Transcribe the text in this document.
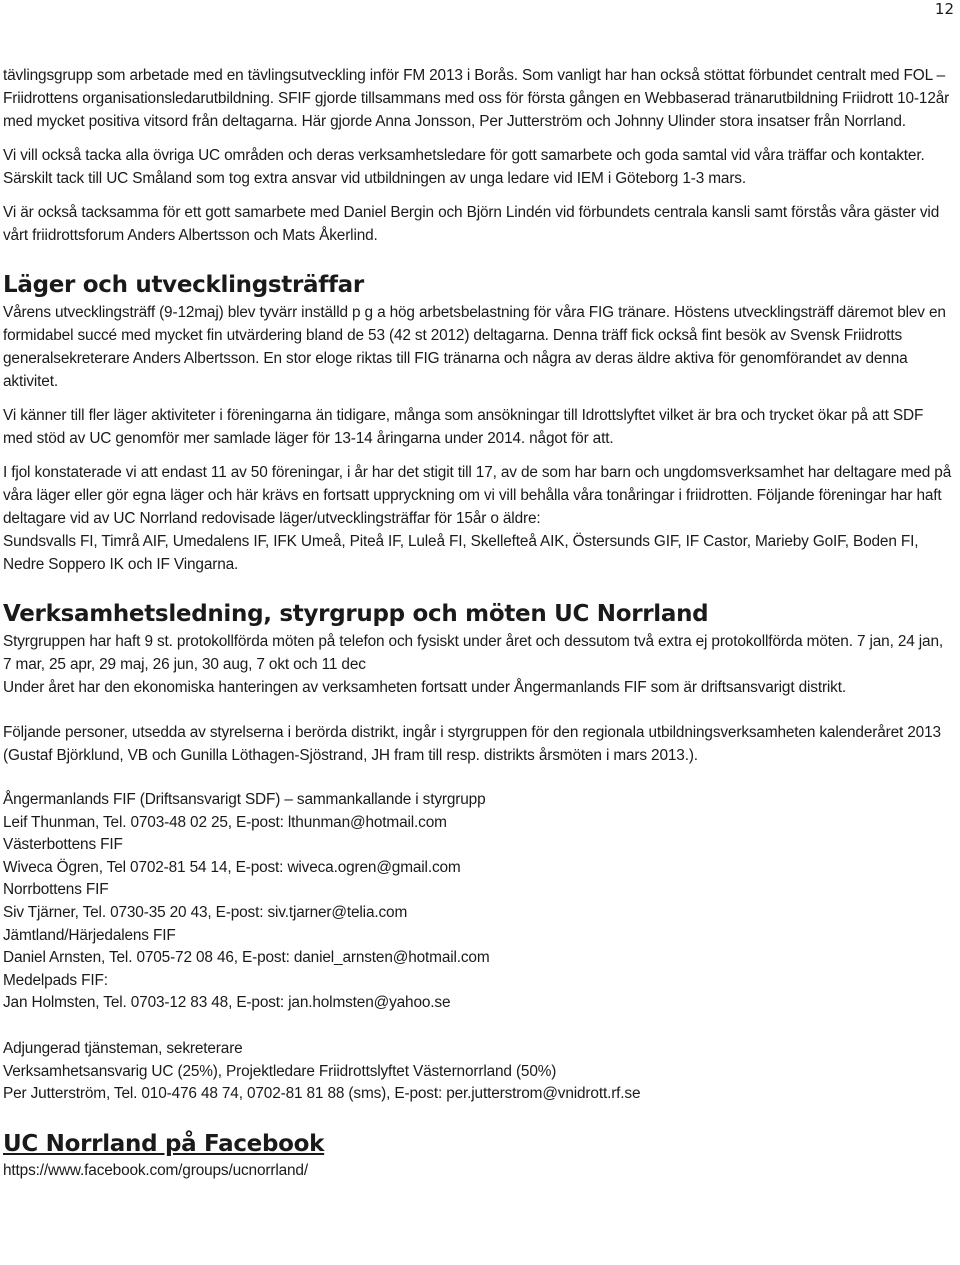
12

tävlingsgrupp som arbetade med en tävlingsutveckling inför FM 2013 i Borås. Som vanligt har han också stöttat förbundet centralt med FOL – Friidrottens organisationsledarutbildning. SFIF gjorde tillsammans med oss för första gången en Webbaserad tränarutbildning Friidrott 10-12år med mycket positiva vitsord från deltagarna. Här gjorde Anna Jonsson, Per Jutterström och Johnny Ulinder stora insatser från Norrland.

Vi vill också tacka alla övriga UC områden och deras verksamhetsledare för gott samarbete och goda samtal vid våra träffar och kontakter. Särskilt tack till UC Småland som tog extra ansvar vid utbildningen av unga ledare vid IEM i Göteborg 1-3 mars.

Vi är också tacksamma för ett gott samarbete med Daniel Bergin och Björn Lindén vid förbundets centrala kansli samt förstås våra gäster vid vårt friidrottsforum Anders Albertsson och Mats Åkerlind.

Läger och utvecklingsträffar

Vårens utvecklingsträff (9-12maj) blev tyvärr inställd p g a hög arbetsbelastning för våra FIG tränare. Höstens utvecklingsträff däremot blev en formidabel succé med mycket fin utvärdering bland de 53 (42 st 2012) deltagarna. Denna träff fick också fint besök av Svensk Friidrotts generalsekreterare Anders Albertsson. En stor eloge riktas till FIG tränarna och några av deras äldre aktiva för genomförandet av denna aktivitet.

Vi känner till fler läger aktiviteter i föreningarna än tidigare, många som ansökningar till Idrottslyftet vilket är bra och trycket ökar på att SDF med stöd av UC genomför mer samlade läger för 13-14 åringarna under 2014. något för att.

I fjol konstaterade vi att endast 11 av 50 föreningar, i år har det stigit till 17, av de som har barn och ungdomsverksamhet har deltagare med på våra läger eller gör egna läger och här krävs en fortsatt uppryckning om vi vill behålla våra tonåringar i friidrotten. Följande föreningar har haft deltagare vid av UC Norrland redovisade läger/utvecklingsträffar för 15år o äldre:

Sundsvalls FI, Timrå AIF, Umedalens IF, IFK Umeå, Piteå IF, Luleå FI, Skellefteå AIK, Östersunds GIF, IF Castor, Marieby GoIF, Boden FI, Nedre Soppero IK och IF Vingarna.

Verksamhetsledning, styrgrupp och möten UC Norrland

Styrgruppen har haft 9 st. protokollförda möten på telefon och fysiskt under året och dessutom två extra ej protokollförda möten. 7 jan, 24 jan, 7 mar, 25 apr, 29 maj, 26 jun, 30 aug, 7 okt och 11 dec

Under året har den ekonomiska hanteringen av verksamheten fortsatt under Ångermanlands FIF som är driftsansvarigt distrikt.

Följande personer, utsedda av styrelserna i berörda distrikt, ingår i styrgruppen för den regionala utbildningsverksamheten kalenderåret 2013 (Gustaf Björklund, VB och Gunilla Löthagen-Sjöstrand, JH fram till resp. distrikts årsmöten i mars 2013.).

Ångermanlands FIF (Driftsansvarigt SDF) – sammankallande i styrgrupp
Leif Thunman, Tel. 0703-48 02 25, E-post: lthunman@hotmail.com
Västerbottens FIF
Wiveca Ögren, Tel 0702-81 54 14, E-post: wiveca.ogren@gmail.com
Norrbottens FIF
Siv Tjärner, Tel. 0730-35 20 43, E-post: siv.tjarner@telia.com
Jämtland/Härjedalens FIF
Daniel Arnsten, Tel. 0705-72 08 46, E-post: daniel_arnsten@hotmail.com
Medelpads FIF:
Jan Holmsten, Tel. 0703-12 83 48, E-post: jan.holmsten@yahoo.se
Adjungerad tjänsteman, sekreterare
Verksamhetsansvarig UC (25%), Projektledare Friidrottslyftet Västernorrland (50%)
Per Jutterström, Tel. 010-476 48 74, 0702-81 81 88 (sms), E-post: per.jutterstrom@vnidrott.rf.se
UC Norrland på Facebook
https://www.facebook.com/groups/ucnorrland/
